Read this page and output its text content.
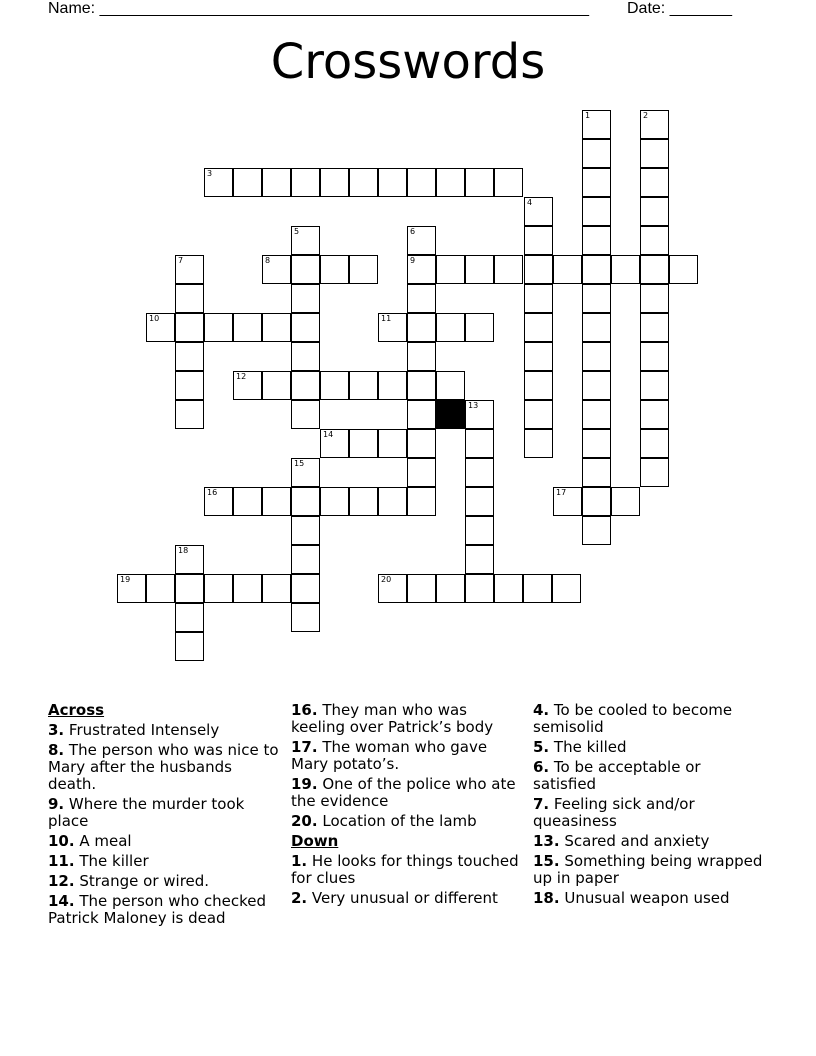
Name: _______________________________________________________ Date: _______
Crosswords
1	2
3
4
5	6
9
7	8
10	11
12
13
14
15
16	17
18
19	20
Across
3. Frustrated Intensely
8. The person who was nice to Mary after the husbands death.
9. Where the murder took place
10. A meal
11. The killer
12. Strange or wired.
14. The person who checked Patrick Maloney is dead
16. They man who was keeling over Patrick’s body
17. The woman who gave Mary potato’s.
19. One of the police who ate the evidence
20. Location of the lamb
Down
1. He looks for things touched for clues
2. Very unusual or different
4. To be cooled to become semisolid
5. The killed
6. To be acceptable or satisfied
7. Feeling sick and/or queasiness
13. Scared and anxiety
15. Something being wrapped up in paper
18. Unusual weapon used
